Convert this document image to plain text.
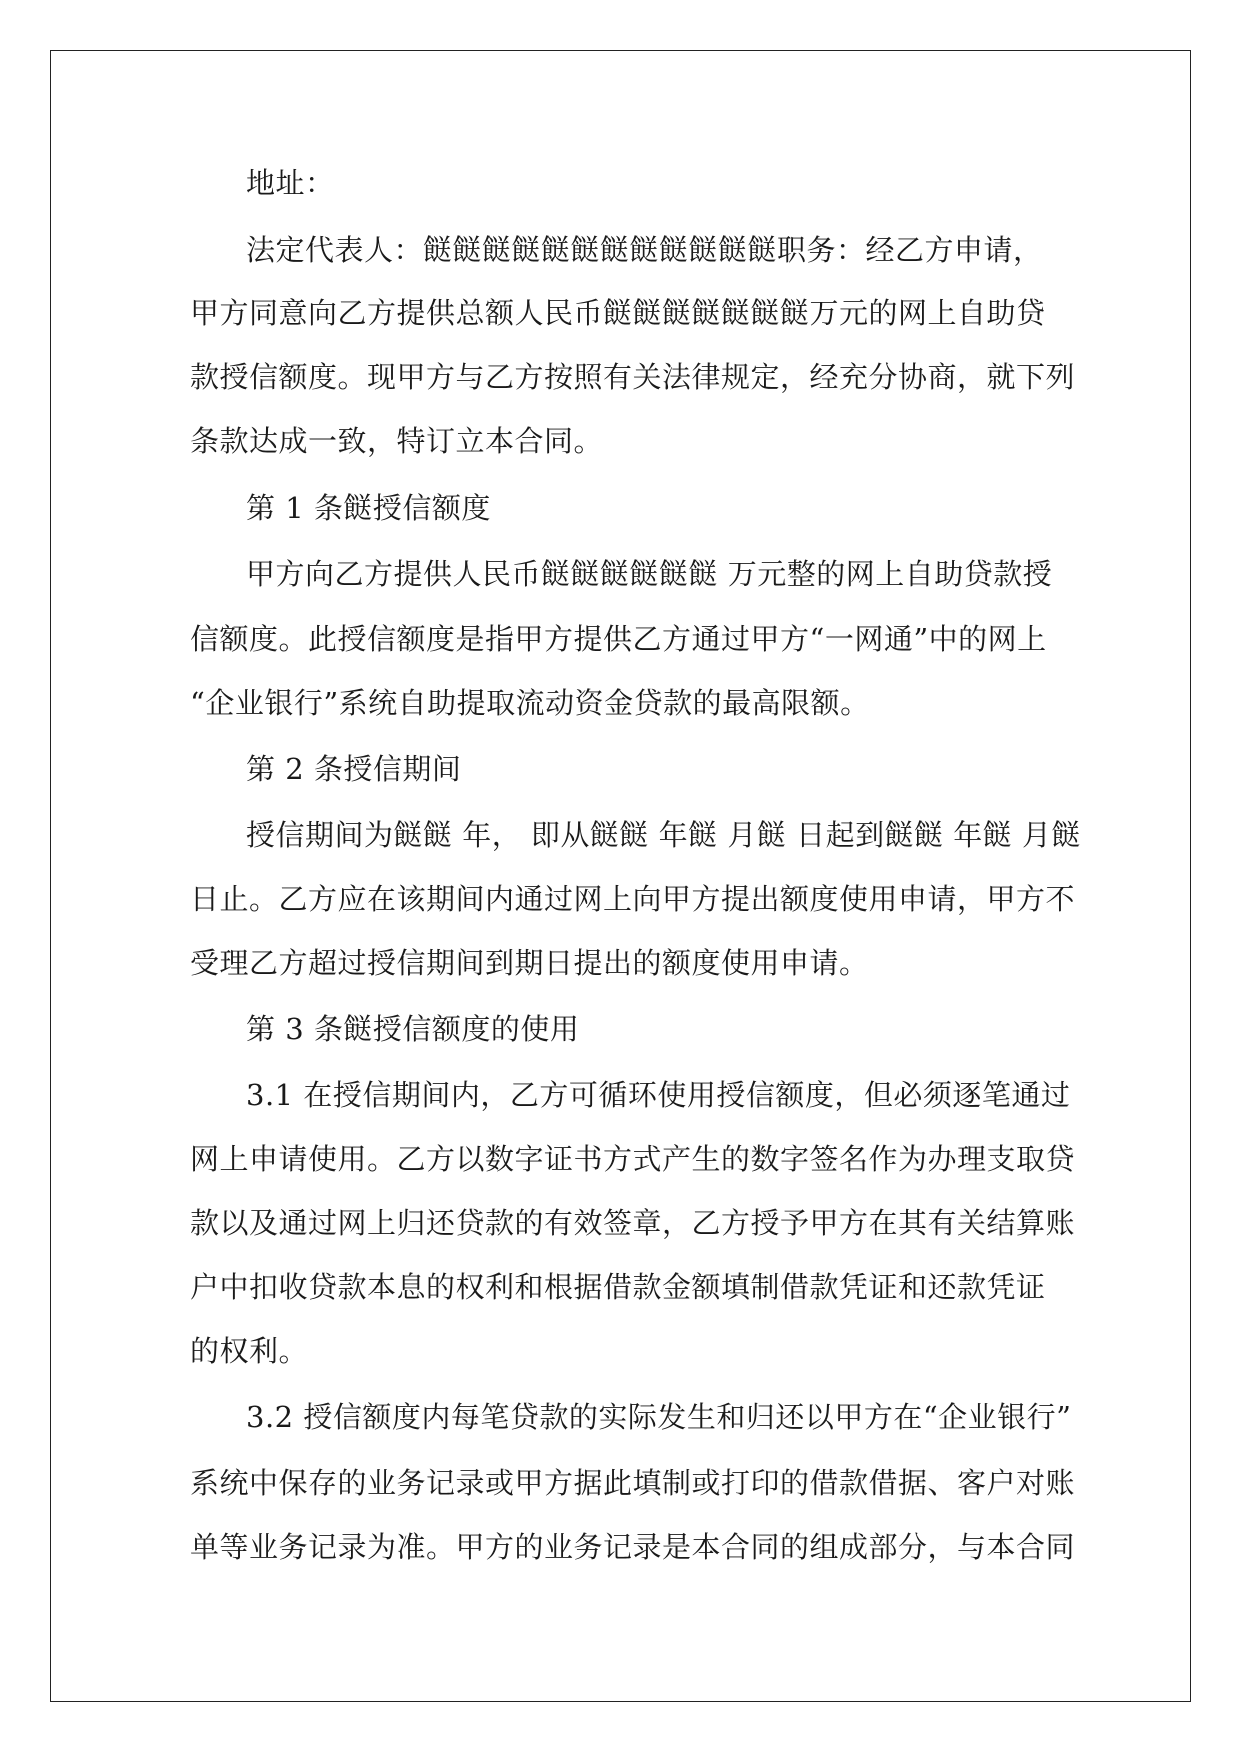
地址：
法定代表人：餸餸餸餸餸餸餸餸餸餸餸餸职务：经乙方申请，
甲方同意向乙方提供总额人民币餸餸餸餸餸餸餸万元的网上自助贷
款授信额度。现甲方与乙方按照有关法律规定，经充分协商，就下列
条款达成一致，特订立本合同。
第 1 条餸授信额度
甲方向乙方提供人民币餸餸餸餸餸餸 万元整的网上自助贷款授
信额度。此授信额度是指甲方提供乙方通过甲方“一网通”中的网上
“企业银行”系统自助提取流动资金贷款的最高限额。
第 2 条授信期间
授信期间为餸餸 年， 即从餸餸 年餸 月餸 日起到餸餸 年餸 月餸
日止。乙方应在该期间内通过网上向甲方提出额度使用申请，甲方不
受理乙方超过授信期间到期日提出的额度使用申请。
第 3 条餸授信额度的使用
3.1 在授信期间内，乙方可循环使用授信额度，但必须逐笔通过
网上申请使用。乙方以数字证书方式产生的数字签名作为办理支取贷
款以及通过网上归还贷款的有效签章，乙方授予甲方在其有关结算账
户中扣收贷款本息的权利和根据借款金额填制借款凭证和还款凭证
的权利。
3.2 授信额度内每笔贷款的实际发生和归还以甲方在“企业银行”
系统中保存的业务记录或甲方据此填制或打印的借款借据、客户对账
单等业务记录为准。甲方的业务记录是本合同的组成部分，与本合同
